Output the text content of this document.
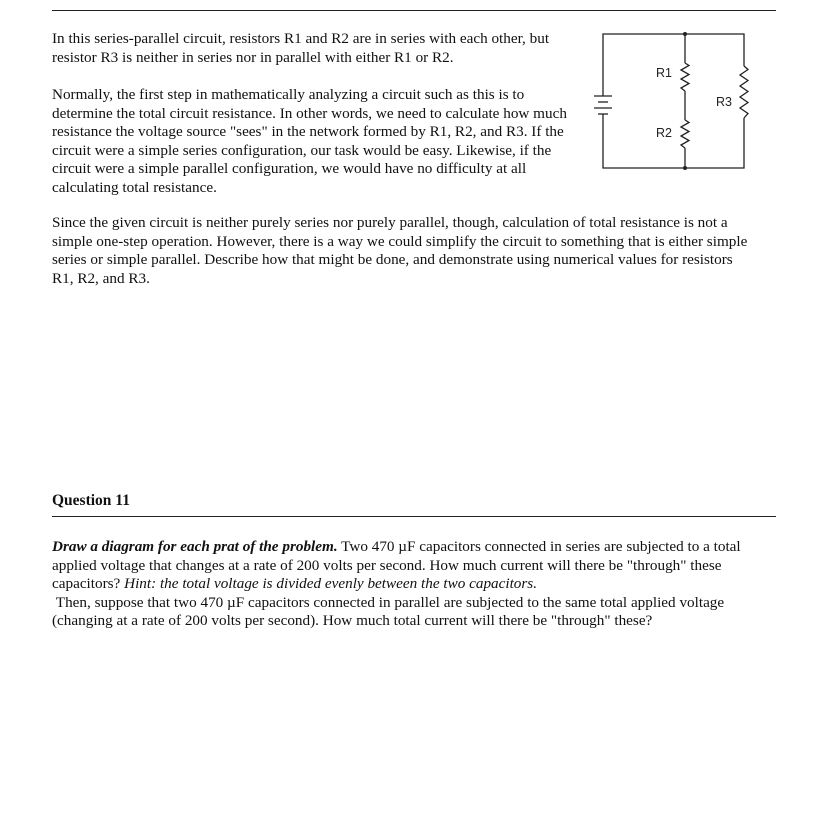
In this series-parallel circuit, resistors R1 and R2 are in series with each other, but resistor R3 is neither in series nor in parallel with either R1 or R2.

Normally, the first step in mathematically analyzing a circuit such as this is to determine the total circuit resistance. In other words, we need to calculate how much resistance the voltage source "sees" in the network formed by R1, R2, and R3. If the circuit were a simple series configuration, our task would be easy. Likewise, if the circuit were a simple parallel configuration, we would have no difficulty at all calculating total resistance.

Since the given circuit is neither purely series nor purely parallel, though, calculation of total resistance is not a simple one-step operation. However, there is a way we could simplify the circuit to something that is either simple series or simple parallel. Describe how that might be done, and demonstrate using numerical values for resistors R1, R2, and R3.

R1
R2
R3

Question 11

Draw a diagram for each prat of the problem. Two 470 µF capacitors connected in series are subjected to a total applied voltage that changes at a rate of 200 volts per second. How much current will there be "through" these capacitors? Hint: the total voltage is divided evenly between the two capacitors.
Then, suppose that two 470 µF capacitors connected in parallel are subjected to the same total applied voltage (changing at a rate of 200 volts per second). How much total current will there be "through" these?
